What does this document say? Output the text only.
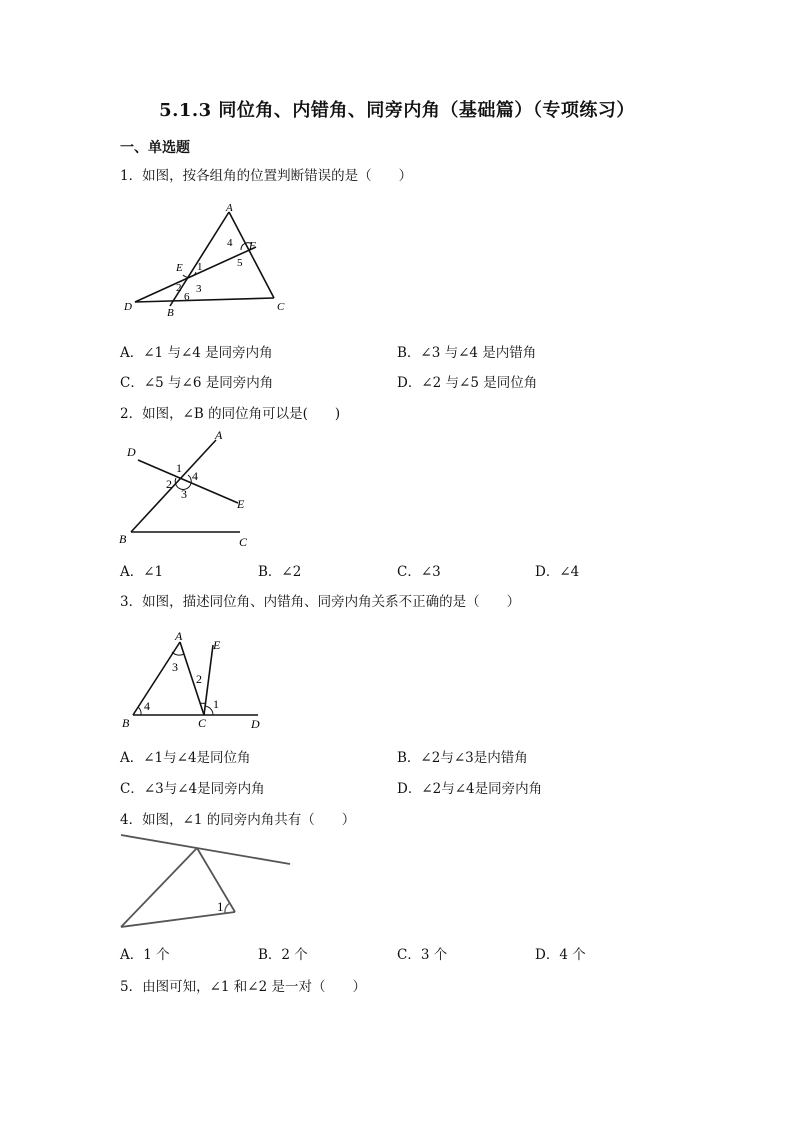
5.1.3 同位角、内错角、同旁内角（基础篇）（专项练习）
一、单选题
1．如图，按各组角的位置判断错误的是（　　）
A
F
E
D	B	C
1
2 3
4
5
6
A．∠1 与∠4 是同旁内角	B．∠3 与∠4 是内错角
C．∠5 与∠6 是同旁内角	D．∠2 与∠5 是同位角
2．如图，∠B 的同位角可以是(　　)
A
D
E
B	C
1
2
3
4
A．∠1	B．∠2	C．∠3	D．∠4
3．如图，描述同位角、内错角、同旁内角关系不正确的是（　　）
A
E
B	C	D
1
2
3
4
A．∠1与∠4是同位角	B．∠2与∠3是内错角
C．∠3与∠4是同旁内角	D．∠2与∠4是同旁内角
4．如图，∠1 的同旁内角共有（　　）
1
A．1 个	B．2 个	C．3 个	D．4 个
5．由图可知，∠1 和∠2 是一对（　　）
